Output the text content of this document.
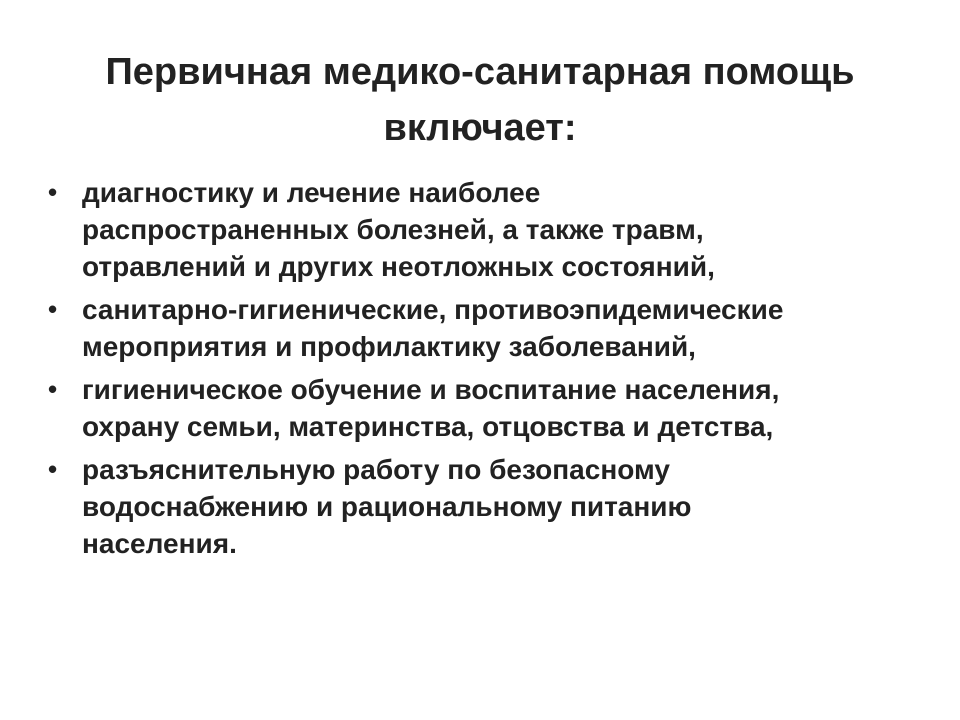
Первичная медико-санитарная помощь
включает:
• диагностику и лечение наиболее
распространенных болезней, а также травм,
отравлений и других неотложных состояний,
• санитарно-гигиенические, противоэпидемические
мероприятия и профилактику заболеваний,
• гигиеническое обучение и воспитание населения,
охрану семьи, материнства, отцовства и детства,
• разъяснительную работу по безопасному
водоснабжению и рациональному питанию
населения.
